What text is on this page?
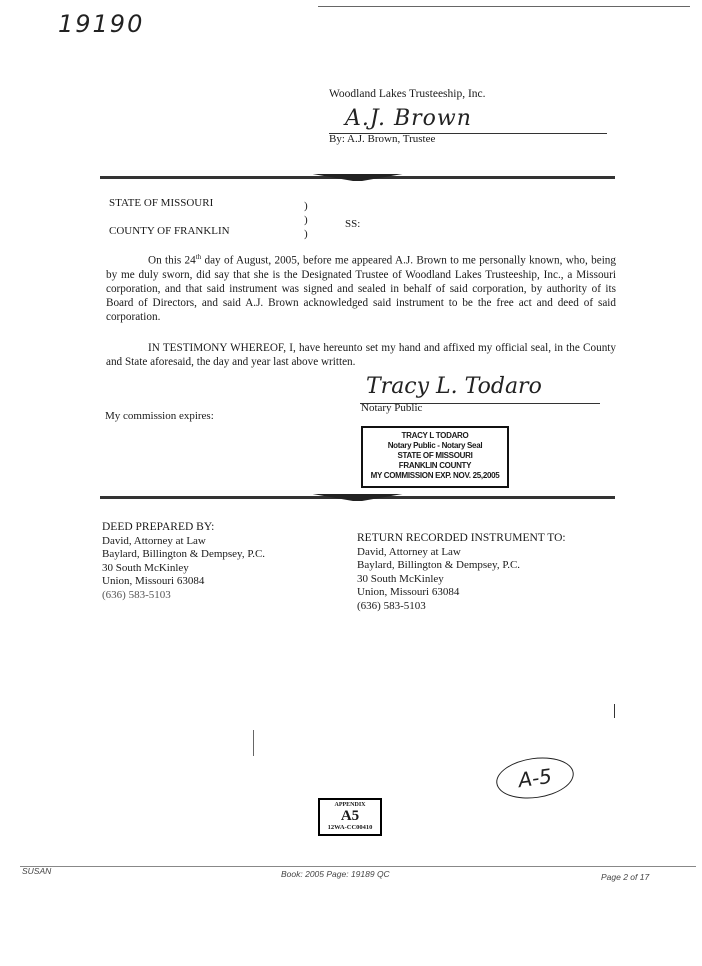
19190
Woodland Lakes Trusteeship, Inc.
A.J. Brown
By: A.J. Brown, Trustee
STATE OF MISSOURI
COUNTY OF FRANKLIN
)
)
)
SS:
On this 24th day of August, 2005, before me appeared A.J. Brown to me personally known, who, being by me duly sworn, did say that she is the Designated Trustee of Woodland Lakes Trusteeship, Inc., a Missouri corporation, and that said instrument was signed and sealed in behalf of said corporation, by authority of its Board of Directors, and said A.J. Brown acknowledged said instrument to be the free act and deed of said corporation.
IN TESTIMONY WHEREOF, I, have hereunto set my hand and affixed my official seal, in the County and State aforesaid, the day and year last above written.
Tracy L. Todaro
Notary Public
My commission expires:
TRACY L TODARO
Notary Public - Notary Seal
STATE OF MISSOURI
FRANKLIN COUNTY
MY COMMISSION EXP. NOV. 25,2005
DEED PREPARED BY:
David, Attorney at Law
Baylard, Billington & Dempsey, P.C.
30 South McKinley
Union, Missouri 63084
(636) 583-5103
RETURN RECORDED INSTRUMENT TO:
David, Attorney at Law
Baylard, Billington & Dempsey, P.C.
30 South McKinley
Union, Missouri 63084
(636) 583-5103
A-5
APPENDIX
A5
12WA-CC00410
SUSAN	Book: 2005 Page: 19189 QC	Page 2 of 17
